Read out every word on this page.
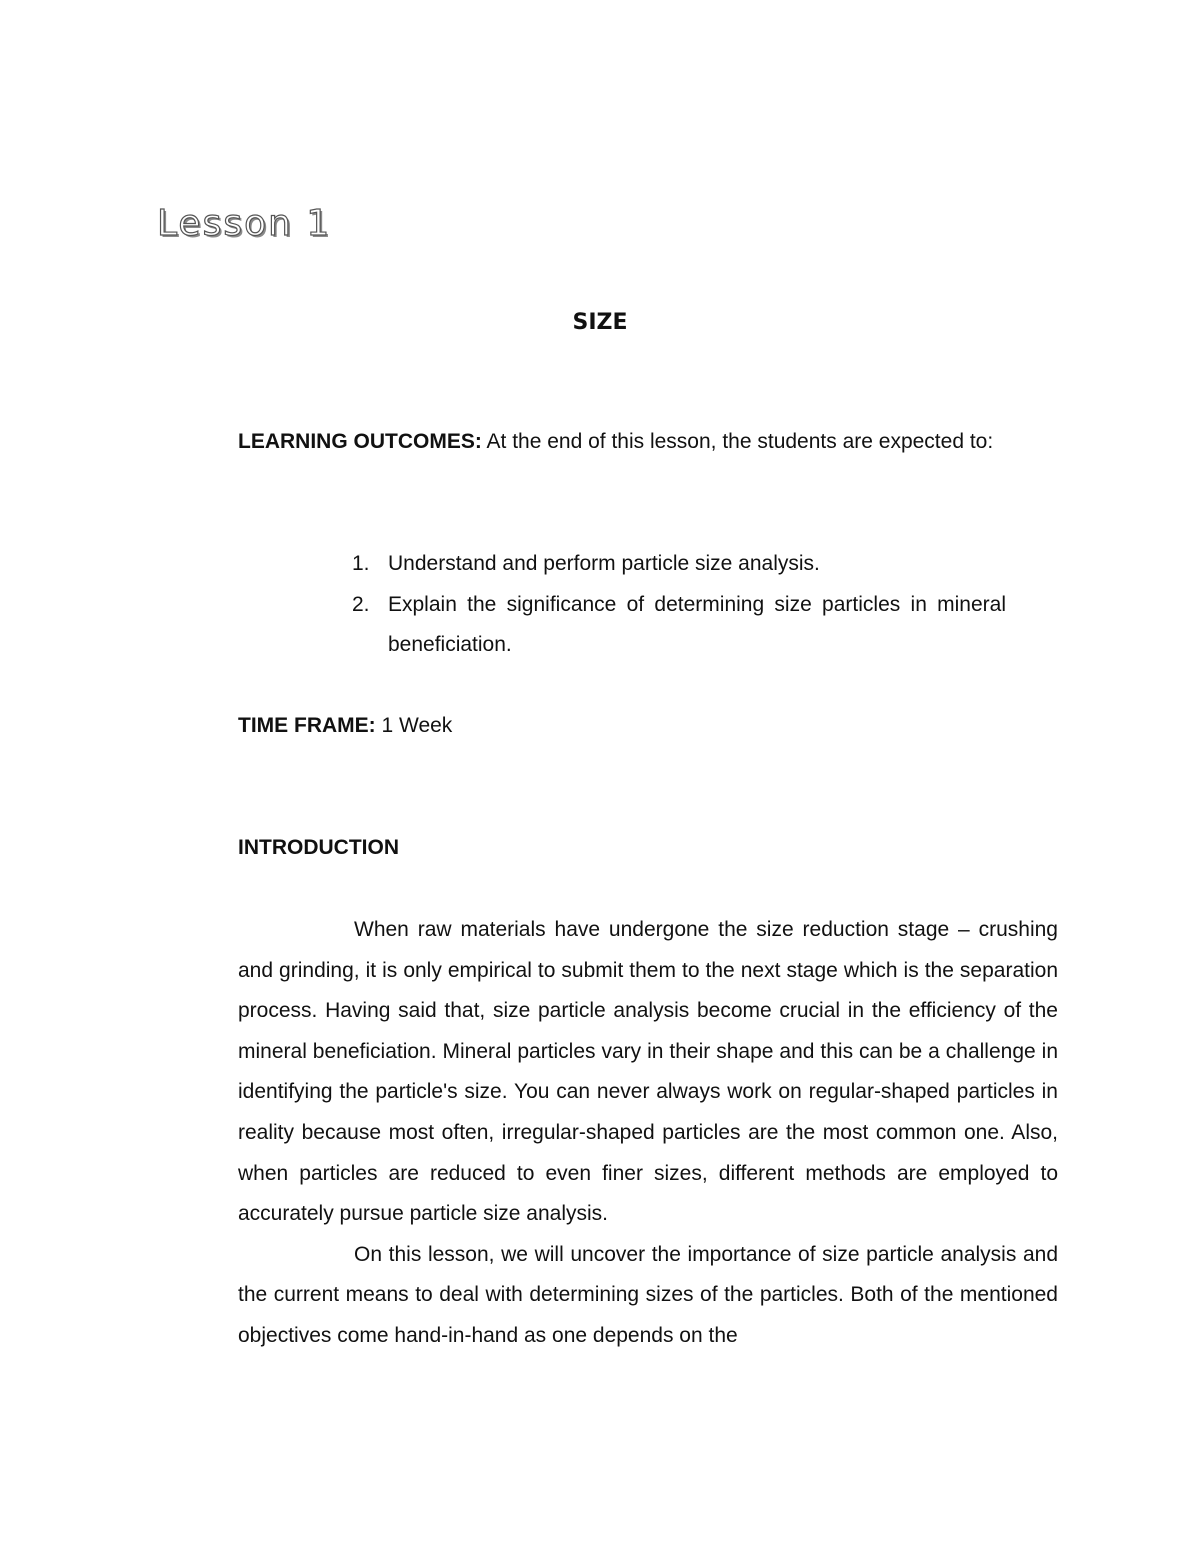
Lesson 1
SIZE
LEARNING OUTCOMES: At the end of this lesson, the students are expected to:
1. Understand and perform particle size analysis.
2. Explain the significance of determining size particles in mineral beneficiation.
TIME FRAME: 1 Week
INTRODUCTION

When raw materials have undergone the size reduction stage – crushing and grinding, it is only empirical to submit them to the next stage which is the separation process. Having said that, size particle analysis become crucial in the efficiency of the mineral beneficiation. Mineral particles vary in their shape and this can be a challenge in identifying the particle's size. You can never always work on regular-shaped particles in reality because most often, irregular-shaped particles are the most common one. Also, when particles are reduced to even finer sizes, different methods are employed to accurately pursue particle size analysis.

On this lesson, we will uncover the importance of size particle analysis and the current means to deal with determining sizes of the particles. Both of the mentioned objectives come hand-in-hand as one depends on the
